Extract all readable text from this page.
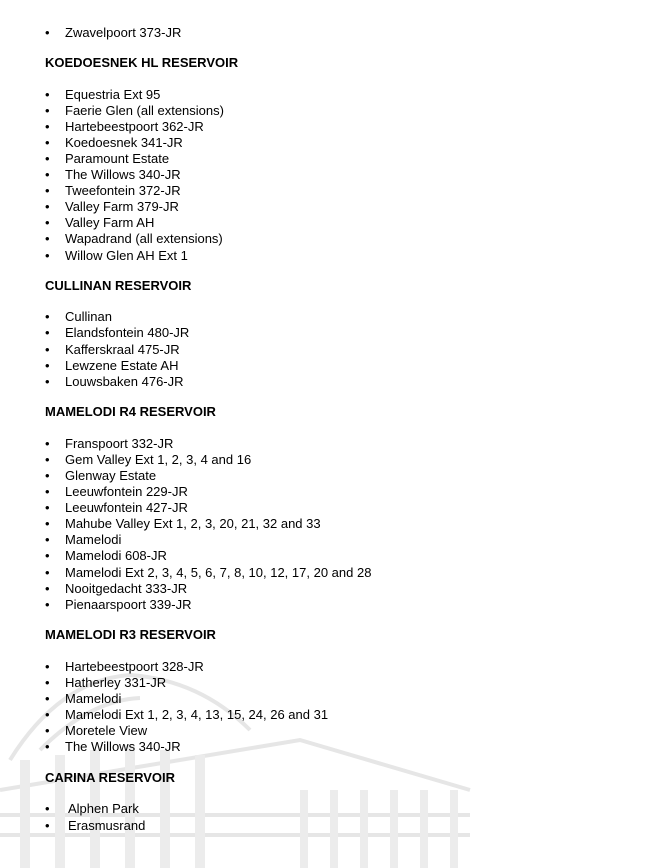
• Zwavelpoort 373-JR
KOEDOESNEK HL RESERVOIR
• Equestria Ext 95
• Faerie Glen (all extensions)
• Hartebeestpoort 362-JR
• Koedoesnek 341-JR
• Paramount Estate
• The Willows 340-JR
• Tweefontein 372-JR
• Valley Farm 379-JR
• Valley Farm AH
• Wapadrand (all extensions)
• Willow Glen AH Ext 1
CULLINAN RESERVOIR
• Cullinan
• Elandsfontein 480-JR
• Kafferskraal 475-JR
• Lewzene Estate AH
• Louwsbaken 476-JR
MAMELODI R4 RESERVOIR
• Franspoort 332-JR
• Gem Valley Ext 1, 2, 3, 4 and 16
• Glenway Estate
• Leeuwfontein 229-JR
• Leeuwfontein 427-JR
• Mahube Valley Ext 1, 2, 3, 20, 21, 32 and 33
• Mamelodi
• Mamelodi 608-JR
• Mamelodi Ext 2, 3, 4, 5, 6, 7, 8, 10, 12, 17, 20 and 28
• Nooitgedacht 333-JR
• Pienaarspoort 339-JR
MAMELODI R3 RESERVOIR
• Hartebeestpoort 328-JR
• Hatherley 331-JR
• Mamelodi
• Mamelodi Ext 1, 2, 3, 4, 13, 15, 24, 26 and 31
• Moretele View
• The Willows 340-JR
CARINA RESERVOIR
• Alphen Park
• Erasmusrand
